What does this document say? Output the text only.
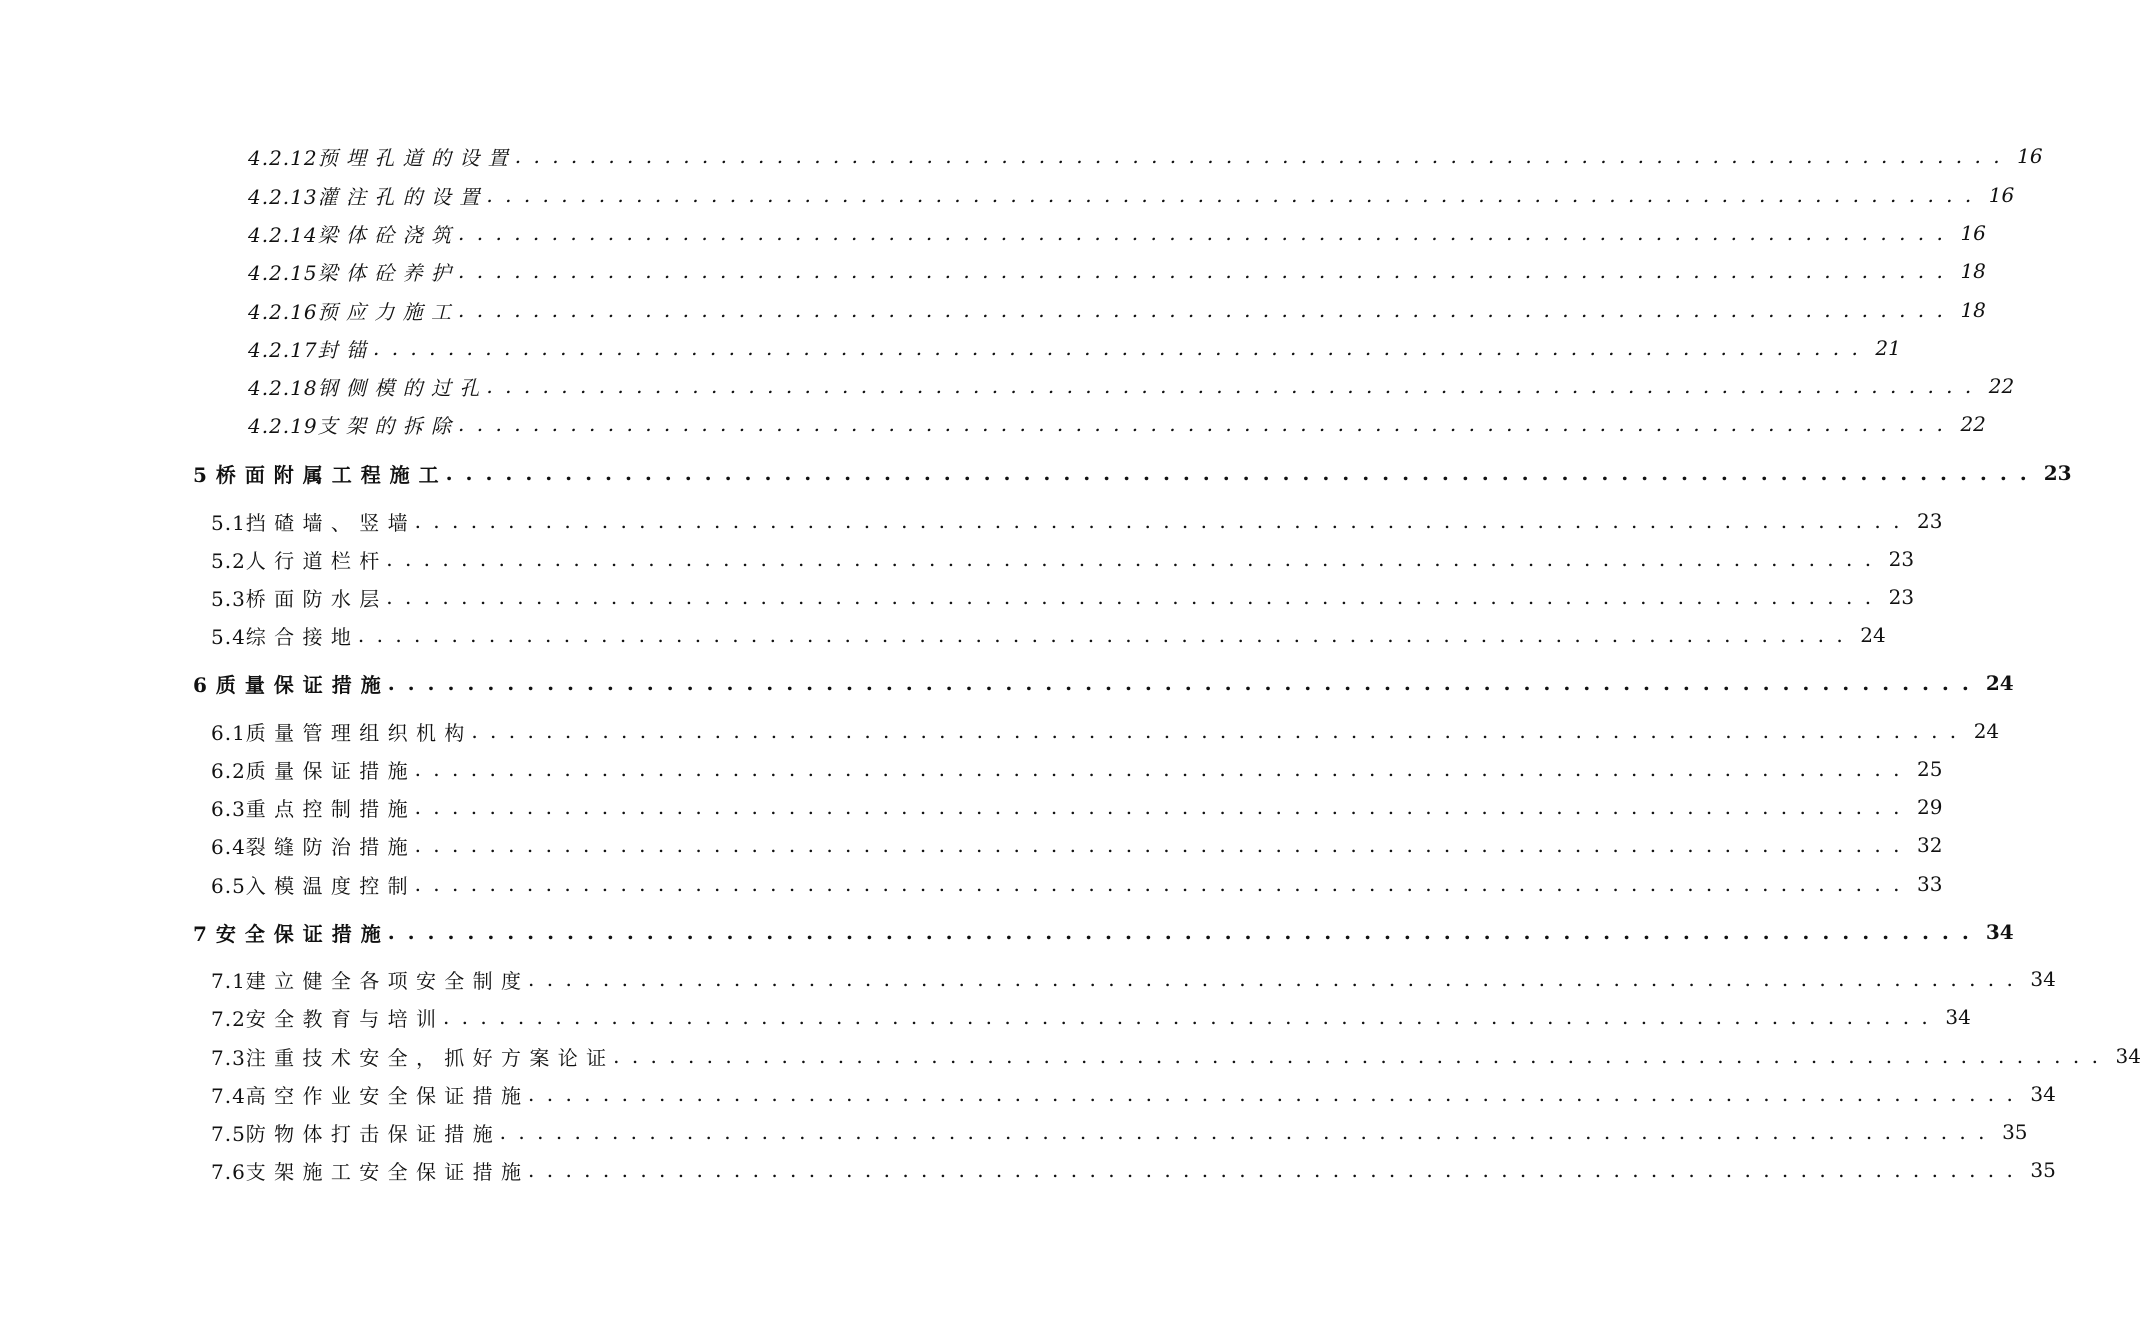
4.2.12预 埋 孔 道 的 设 置 . . . . . . . . . . . . . . . . . . . . . . . . . . . . . . . . . . . . . . . . . . . . . . . . . . . . . . . . . . . . . . . . . . . . . . . . . . . . . . . . 16
4.2.13灌 注 孔 的 设 置 . . . . . . . . . . . . . . . . . . . . . . . . . . . . . . . . . . . . . . . . . . . . . . . . . . . . . . . . . . . . . . . . . . . . . . . . . . . . . . . . 16
4.2.14梁 体 砼 浇 筑 . . . . . . . . . . . . . . . . . . . . . . . . . . . . . . . . . . . . . . . . . . . . . . . . . . . . . . . . . . . . . . . . . . . . . . . . . . . . . . . . 16
4.2.15梁 体 砼 养 护 . . . . . . . . . . . . . . . . . . . . . . . . . . . . . . . . . . . . . . . . . . . . . . . . . . . . . . . . . . . . . . . . . . . . . . . . . . . . . . . . 18
4.2.16预 应 力 施 工 . . . . . . . . . . . . . . . . . . . . . . . . . . . . . . . . . . . . . . . . . . . . . . . . . . . . . . . . . . . . . . . . . . . . . . . . . . . . . . . . 18
4.2.17封 锚 . . . . . . . . . . . . . . . . . . . . . . . . . . . . . . . . . . . . . . . . . . . . . . . . . . . . . . . . . . . . . . . . . . . . . . . . . . . . . . . . 21
4.2.18钢 侧 模 的 过 孔 . . . . . . . . . . . . . . . . . . . . . . . . . . . . . . . . . . . . . . . . . . . . . . . . . . . . . . . . . . . . . . . . . . . . . . . . . . . . . . . . 22
4.2.19支 架 的 拆 除 . . . . . . . . . . . . . . . . . . . . . . . . . . . . . . . . . . . . . . . . . . . . . . . . . . . . . . . . . . . . . . . . . . . . . . . . . . . . . . . . 22
5 桥 面 附 属 工 程 施 工 . . . . . . . . . . . . . . . . . . . . . . . . . . . . . . . . . . . . . . . . . . . . . . . . . . . . . . . . . . . . . . . . . . . . . . . . . . . . . . . . 23
5.1挡 碴 墙 、 竖 墙 . . . . . . . . . . . . . . . . . . . . . . . . . . . . . . . . . . . . . . . . . . . . . . . . . . . . . . . . . . . . . . . . . . . . . . . . . . . . . . . . 23
5.2人 行 道 栏 杆 . . . . . . . . . . . . . . . . . . . . . . . . . . . . . . . . . . . . . . . . . . . . . . . . . . . . . . . . . . . . . . . . . . . . . . . . . . . . . . . . 23
5.3桥 面 防 水 层 . . . . . . . . . . . . . . . . . . . . . . . . . . . . . . . . . . . . . . . . . . . . . . . . . . . . . . . . . . . . . . . . . . . . . . . . . . . . . . . . 23
5.4综 合 接 地 . . . . . . . . . . . . . . . . . . . . . . . . . . . . . . . . . . . . . . . . . . . . . . . . . . . . . . . . . . . . . . . . . . . . . . . . . . . . . . . . 24
6 质 量 保 证 措 施 . . . . . . . . . . . . . . . . . . . . . . . . . . . . . . . . . . . . . . . . . . . . . . . . . . . . . . . . . . . . . . . . . . . . . . . . . . . . . . . . 24
6.1质 量 管 理 组 织 机 构 . . . . . . . . . . . . . . . . . . . . . . . . . . . . . . . . . . . . . . . . . . . . . . . . . . . . . . . . . . . . . . . . . . . . . . . . . . . . . . . . 24
6.2质 量 保 证 措 施 . . . . . . . . . . . . . . . . . . . . . . . . . . . . . . . . . . . . . . . . . . . . . . . . . . . . . . . . . . . . . . . . . . . . . . . . . . . . . . . . 25
6.3重 点 控 制 措 施 . . . . . . . . . . . . . . . . . . . . . . . . . . . . . . . . . . . . . . . . . . . . . . . . . . . . . . . . . . . . . . . . . . . . . . . . . . . . . . . . 29
6.4裂 缝 防 治 措 施 . . . . . . . . . . . . . . . . . . . . . . . . . . . . . . . . . . . . . . . . . . . . . . . . . . . . . . . . . . . . . . . . . . . . . . . . . . . . . . . . 32
6.5入 模 温 度 控 制 . . . . . . . . . . . . . . . . . . . . . . . . . . . . . . . . . . . . . . . . . . . . . . . . . . . . . . . . . . . . . . . . . . . . . . . . . . . . . . . . 33
7 安 全 保 证 措 施 . . . . . . . . . . . . . . . . . . . . . . . . . . . . . . . . . . . . . . . . . . . . . . . . . . . . . . . . . . . . . . . . . . . . . . . . . . . . . . . . 34
7.1建 立 健 全 各 项 安 全 制 度 . . . . . . . . . . . . . . . . . . . . . . . . . . . . . . . . . . . . . . . . . . . . . . . . . . . . . . . . . . . . . . . . . . . . . . . . . . . . . . . . 34
7.2安 全 教 育 与 培 训 . . . . . . . . . . . . . . . . . . . . . . . . . . . . . . . . . . . . . . . . . . . . . . . . . . . . . . . . . . . . . . . . . . . . . . . . . . . . . . . . 34
7.3注 重 技 术 安 全 ， 抓 好 方 案 论 证 . . . . . . . . . . . . . . . . . . . . . . . . . . . . . . . . . . . . . . . . . . . . . . . . . . . . . . . . . . . . . . . . . . . . . . . . . . . . . . . . 34
7.4高 空 作 业 安 全 保 证 措 施 . . . . . . . . . . . . . . . . . . . . . . . . . . . . . . . . . . . . . . . . . . . . . . . . . . . . . . . . . . . . . . . . . . . . . . . . . . . . . . . . 34
7.5防 物 体 打 击 保 证 措 施 . . . . . . . . . . . . . . . . . . . . . . . . . . . . . . . . . . . . . . . . . . . . . . . . . . . . . . . . . . . . . . . . . . . . . . . . . . . . . . . . 35
7.6支 架 施 工 安 全 保 证 措 施 . . . . . . . . . . . . . . . . . . . . . . . . . . . . . . . . . . . . . . . . . . . . . . . . . . . . . . . . . . . . . . . . . . . . . . . . . . . . . . . . 35
